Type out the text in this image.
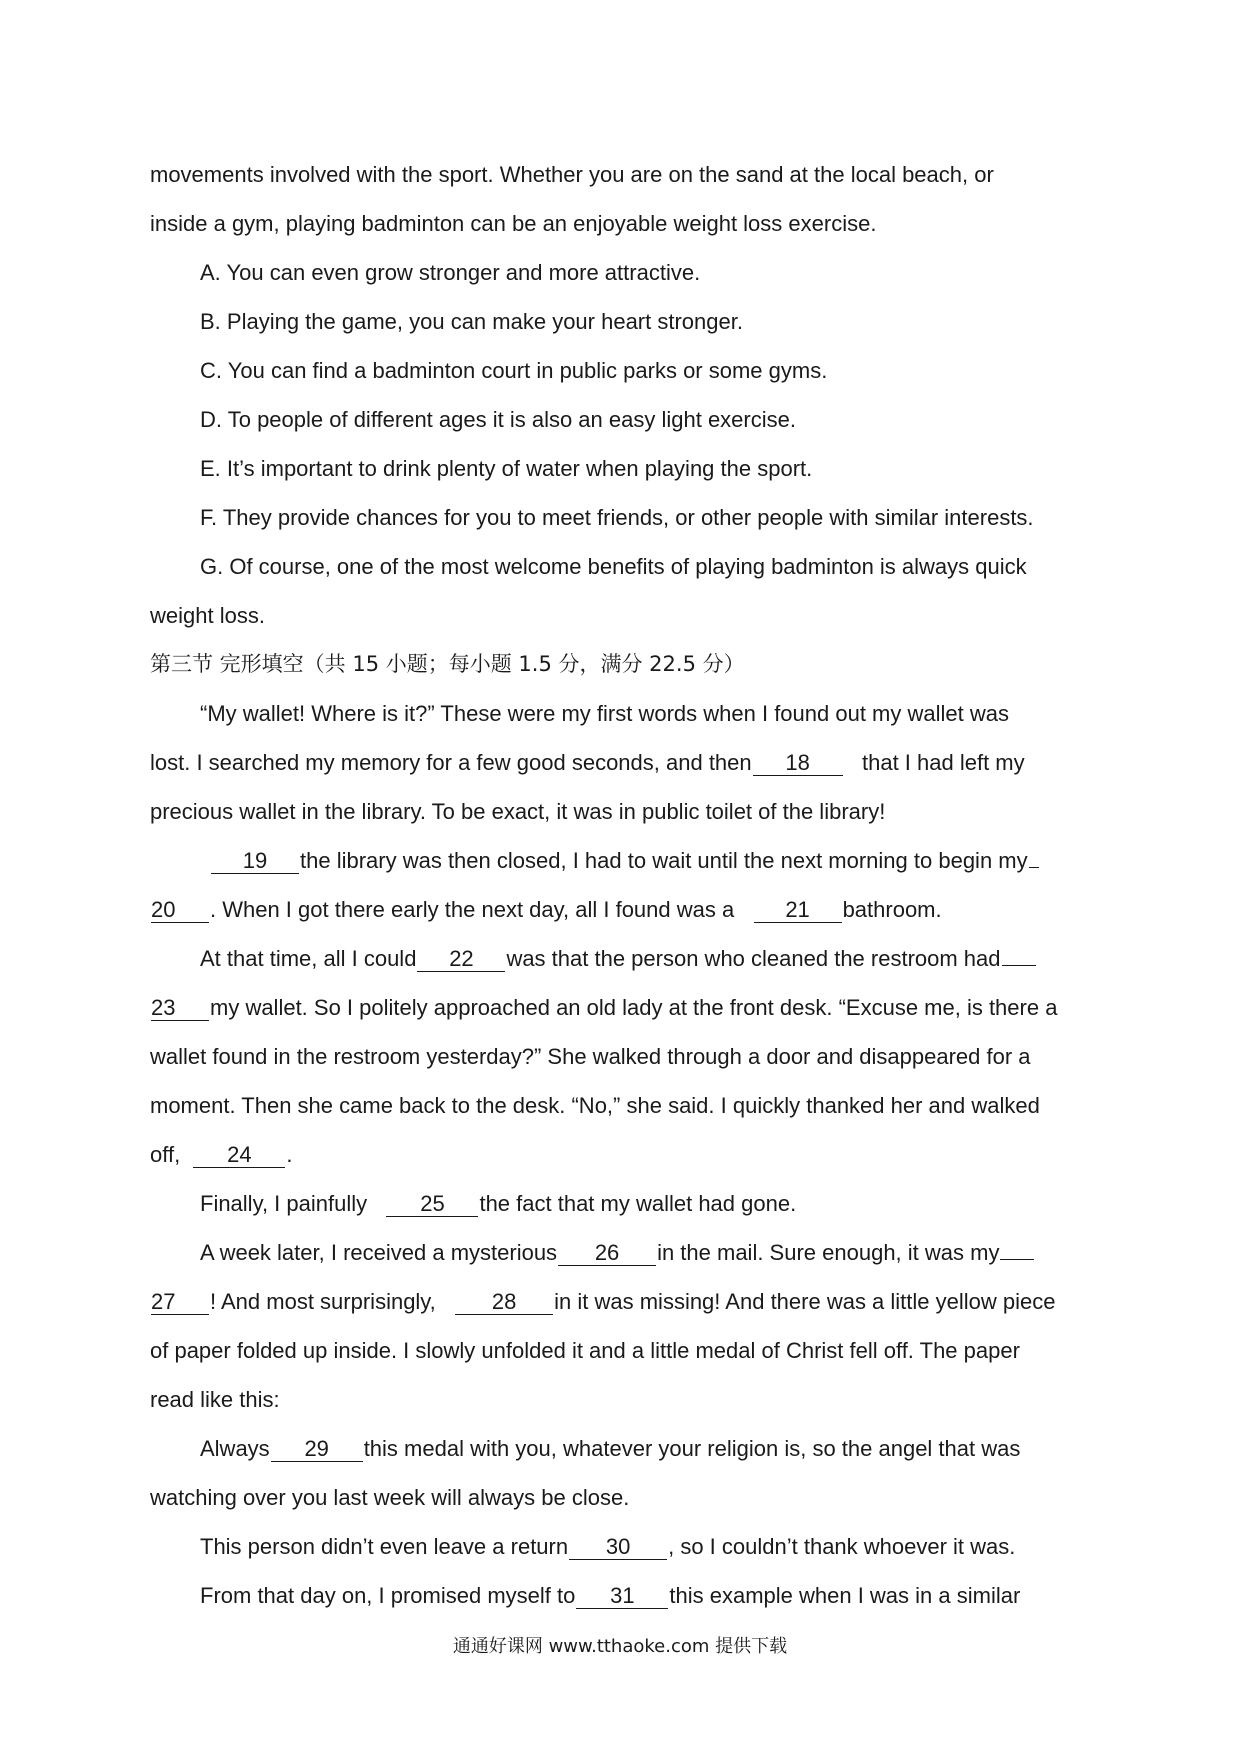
movements involved with the sport. Whether you are on the sand at the local beach, or
inside a gym, playing badminton can be an enjoyable weight loss exercise.
A. You can even grow stronger and more attractive.
B. Playing the game, you can make your heart stronger.
C. You can find a badminton court in public parks or some gyms.
D. To people of different ages it is also an easy light exercise.
E. It’s important to drink plenty of water when playing the sport.
F. They provide chances for you to meet friends, or other people with similar interests.
G. Of course, one of the most welcome benefits of playing badminton is always quick
weight loss.
第三节 完形填空（共 15 小题；每小题 1.5 分，满分 22.5 分）
“My wallet! Where is it?” These were my first words when I found out my wallet was
lost. I searched my memory for a few good seconds, and then 18 that I had left my
precious wallet in the library. To be exact, it was in public toilet of the library!
19 the library was then closed, I had to wait until the next morning to begin my
20 . When I got there early the next day, all I found was a 21 bathroom.
At that time, all I could 22 was that the person who cleaned the restroom had
23 my wallet. So I politely approached an old lady at the front desk. “Excuse me, is there a
wallet found in the restroom yesterday?” She walked through a door and disappeared for a
moment. Then she came back to the desk. “No,” she said. I quickly thanked her and walked
off, 24 .
Finally, I painfully 25 the fact that my wallet had gone.
A week later, I received a mysterious 26 in the mail. Sure enough, it was my
27 ! And most surprisingly,	28 in it was missing! And there was a little yellow piece
of paper folded up inside. I slowly unfolded it and a little medal of Christ fell off. The paper
read like this:
Always 29 this medal with you, whatever your religion is, so the angel that was
watching over you last week will always be close.
This person didn’t even leave a return 30 , so I couldn’t thank whoever it was.
From that day on, I promised myself to 31 this example when I was in a similar
通通好课网 www.tthaoke.com 提供下载
